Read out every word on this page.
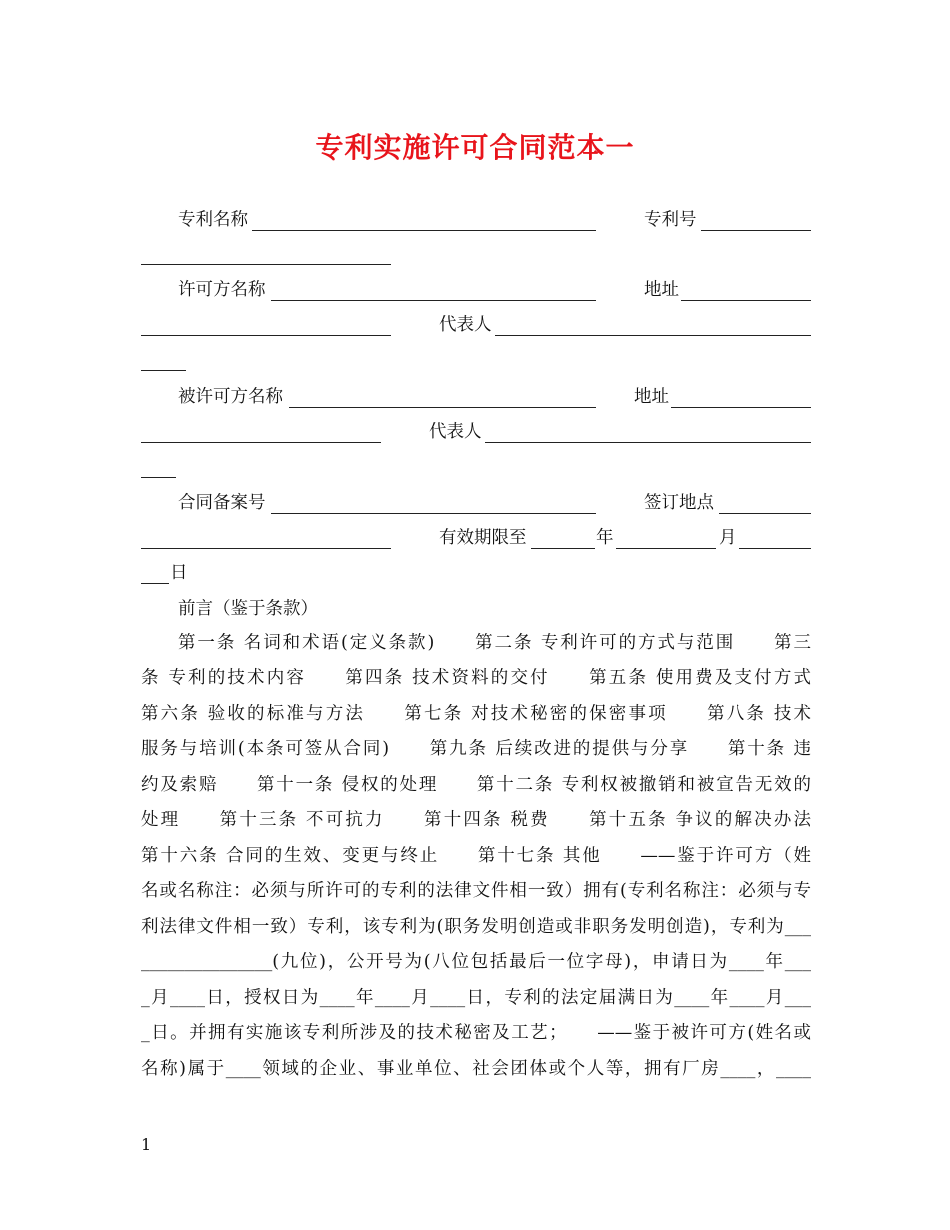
专利实施许可合同范本一
专利名称	专利号
许可方名称	地址
代表人
被许可方名称	地址
代表人
合同备案号	签订地点
有效期限至	年	月
日
前言（鉴于条款）
第一条 名词和术语(定义条款)　　第二条 专利许可的方式与范围　　第三
条 专利的技术内容　　第四条 技术资料的交付　　第五条 使用费及支付方式
第六条 验收的标准与方法　　第七条 对技术秘密的保密事项　　第八条 技术
服务与培训(本条可签从合同)　　第九条 后续改进的提供与分享　　第十条 违
约及索赔　　第十一条 侵权的处理　　第十二条 专利权被撤销和被宣告无效的
处理　　第十三条 不可抗力　　第十四条 税费　　第十五条 争议的解决办法
第十六条 合同的生效、变更与终止　　第十七条 其他　　——鉴于许可方（姓
名或名称注：必须与所许可的专利的法律文件相一致）拥有(专利名称注：必须与专
利法律文件相一致）专利，该专利为(职务发明创造或非职务发明创造)，专利为___
_______________(九位)，公开号为(八位包括最后一位字母)，申请日为____年___
_月____日，授权日为____年____月____日，专利的法定届满日为____年____月___
_日。并拥有实施该专利所涉及的技术秘密及工艺；　　——鉴于被许可方(姓名或
名称)属于____领域的企业、事业单位、社会团体或个人等，拥有厂房____，____
1
